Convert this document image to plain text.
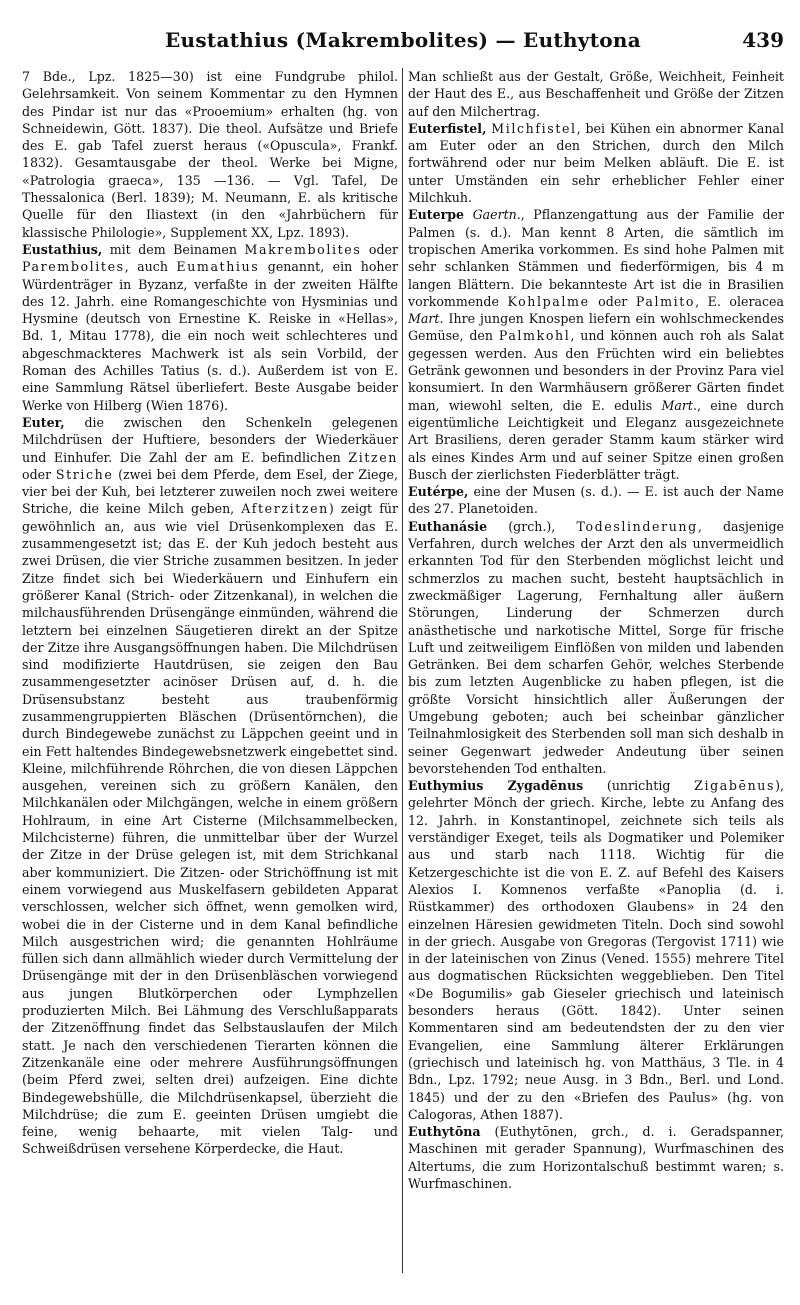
Eustathius (Makrembolites) — Euthytona	439

7 Bde., Lpz. 1825—30) ist eine Fundgrube philol. Gelehrsamkeit. Von seinem Kommentar zu den Hymnen des Pindar ist nur das «Prooemium» erhalten (hg. von Schneidewin, Gött. 1837). Die theol. Aufsätze und Briefe des E. gab Tafel zuerst heraus («Opuscula», Frankf. 1832). Gesamtausgabe der theol. Werke bei Migne, «Patrologia graeca», 135 —136. — Vgl. Tafel, De Thessalonica (Berl. 1839); M. Neumann, E. als kritische Quelle für den Iliastext (in den «Jahrbüchern für klassische Philologie», Supplement XX, Lpz. 1893).

Eustathius, mit dem Beinamen Makrembolites oder Parembolites, auch Eumathius genannt, ein hoher Würdenträger in Byzanz, verfaßte in der zweiten Hälfte des 12. Jahrh. eine Romangeschichte von Hysminias und Hysmine (deutsch von Ernestine K. Reiske in «Hellas», Bd. 1, Mitau 1778), die ein noch weit schlechteres und abgeschmackteres Machwerk ist als sein Vorbild, der Roman des Achilles Tatius (s. d.). Außerdem ist von E. eine Sammlung Rätsel überliefert. Beste Ausgabe beider Werke von Hilberg (Wien 1876).

Euter, die zwischen den Schenkeln gelegenen Milchdrüsen der Huftiere, besonders der Wiederkäuer und Einhufer. Die Zahl der am E. befindlichen Zitzen oder Striche (zwei bei dem Pferde, dem Esel, der Ziege, vier bei der Kuh, bei letzterer zuweilen noch zwei weitere Striche, die keine Milch geben, Afterzitzen) zeigt für gewöhnlich an, aus wie viel Drüsenkomplexen das E. zusammengesetzt ist; das E. der Kuh jedoch besteht aus zwei Drüsen, die vier Striche zusammen besitzen. In jeder Zitze findet sich bei Wiederkäuern und Einhufern ein größerer Kanal (Strich- oder Zitzenkanal), in welchen die milchausführenden Drüsengänge einmünden, während die letztern bei einzelnen Säugetieren direkt an der Spitze der Zitze ihre Ausgangsöffnungen haben. Die Milchdrüsen sind modifizierte Hautdrüsen, sie zeigen den Bau zusammengesetzter acinöser Drüsen auf, d. h. die Drüsensubstanz besteht aus traubenförmig zusammengruppierten Bläschen (Drüsentörnchen), die durch Bindegewebe zunächst zu Läppchen geeint und in ein Fett haltendes Bindegewebsnetzwerk eingebettet sind. Kleine, milchführende Röhrchen, die von diesen Läppchen ausgehen, vereinen sich zu größern Kanälen, den Milchkanälen oder Milchgängen, welche in einem größern Hohlraum, in eine Art Cisterne (Milchsammelbecken, Milchcisterne) führen, die unmittelbar über der Wurzel der Zitze in der Drüse gelegen ist, mit dem Strichkanal aber kommuniziert. Die Zitzen- oder Strichöffnung ist mit einem vorwiegend aus Muskelfasern gebildeten Apparat verschlossen, welcher sich öffnet, wenn gemolken wird, wobei die in der Cisterne und in dem Kanal befindliche Milch ausgestrichen wird; die genannten Hohlräume füllen sich dann allmählich wieder durch Vermittelung der Drüsengänge mit der in den Drüsenbläschen vorwiegend aus jungen Blutkörperchen oder Lymphzellen produzierten Milch. Bei Lähmung des Verschlußapparats der Zitzenöffnung findet das Selbstauslaufen der Milch statt. Je nach den verschiedenen Tierarten können die Zitzenkanäle eine oder mehrere Ausführungsöffnungen (beim Pferd zwei, selten drei) aufzeigen. Eine dichte Bindegewebshülle, die Milchdrüsenkapsel, überzieht die Milchdrüse; die zum E. geeinten Drüsen umgiebt die feine, wenig behaarte, mit vielen Talg- und Schweißdrüsen versehene Körperdecke, die Haut.

Man schließt aus der Gestalt, Größe, Weichheit, Feinheit der Haut des E., aus Beschaffenheit und Größe der Zitzen auf den Milchertrag.

Euterfistel, Milchfistel, bei Kühen ein abnormer Kanal am Euter oder an den Strichen, durch den Milch fortwährend oder nur beim Melken abläuft. Die E. ist unter Umständen ein sehr erheblicher Fehler einer Milchkuh.

Euterpe Gaertn., Pflanzengattung aus der Familie der Palmen (s. d.). Man kennt 8 Arten, die sämtlich im tropischen Amerika vorkommen. Es sind hohe Palmen mit sehr schlanken Stämmen und fiederförmigen, bis 4 m langen Blättern. Die bekannteste Art ist die in Brasilien vorkommende Kohlpalme oder Palmito, E. oleracea Mart. Ihre jungen Knospen liefern ein wohlschmeckendes Gemüse, den Palmkohl, und können auch roh als Salat gegessen werden. Aus den Früchten wird ein beliebtes Getränk gewonnen und besonders in der Provinz Para viel konsumiert. In den Warmhäusern größerer Gärten findet man, wiewohl selten, die E. edulis Mart., eine durch eigentümliche Leichtigkeit und Eleganz ausgezeichnete Art Brasiliens, deren gerader Stamm kaum stärker wird als eines Kindes Arm und auf seiner Spitze einen großen Busch der zierlichsten Fiederblätter trägt.

Eutérpe, eine der Musen (s. d.). — E. ist auch der Name des 27. Planetoiden.

Euthanásie (grch.), Todeslinderung, dasjenige Verfahren, durch welches der Arzt den als unvermeidlich erkannten Tod für den Sterbenden möglichst leicht und schmerzlos zu machen sucht, besteht hauptsächlich in zweckmäßiger Lagerung, Fernhaltung aller äußern Störungen, Linderung der Schmerzen durch anästhetische und narkotische Mittel, Sorge für frische Luft und zeitweiligem Einflößen von milden und labenden Getränken. Bei dem scharfen Gehör, welches Sterbende bis zum letzten Augenblicke zu haben pflegen, ist die größte Vorsicht hinsichtlich aller Äußerungen der Umgebung geboten; auch bei scheinbar gänzlicher Teilnahmlosigkeit des Sterbenden soll man sich deshalb in seiner Gegenwart jedweder Andeutung über seinen bevorstehenden Tod enthalten.

Euthymius Zygadēnus (unrichtig Zigabēnus), gelehrter Mönch der griech. Kirche, lebte zu Anfang des 12. Jahrh. in Konstantinopel, zeichnete sich teils als verständiger Exeget, teils als Dogmatiker und Polemiker aus und starb nach 1118. Wichtig für die Ketzergeschichte ist die von E. Z. auf Befehl des Kaisers Alexios I. Komnenos verfaßte «Panoplia (d. i. Rüstkammer) des orthodoxen Glaubens» in 24 den einzelnen Häresien gewidmeten Titeln. Doch sind sowohl in der griech. Ausgabe von Gregoras (Tergovist 1711) wie in der lateinischen von Zinus (Vened. 1555) mehrere Titel aus dogmatischen Rücksichten weggeblieben. Den Titel «De Bogumilis» gab Gieseler griechisch und lateinisch besonders heraus (Gött. 1842). Unter seinen Kommentaren sind am bedeutendsten der zu den vier Evangelien, eine Sammlung älterer Erklärungen (griechisch und lateinisch hg. von Matthäus, 3 Tle. in 4 Bdn., Lpz. 1792; neue Ausg. in 3 Bdn., Berl. und Lond. 1845) und der zu den «Briefen des Paulus» (hg. von Calogoras, Athen 1887).

Euthytōna (Euthytōnen, grch., d. i. Geradspanner, Maschinen mit gerader Spannung), Wurfmaschinen des Altertums, die zum Horizontalschuß bestimmt waren; s. Wurfmaschinen.
